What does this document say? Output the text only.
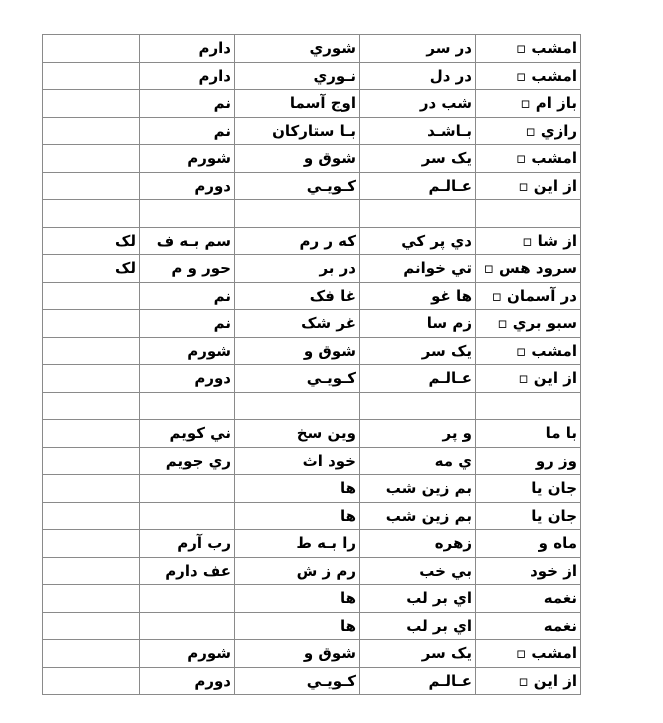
	دارم	شوري	در سر	امشب ▫
	دارم	نـوري	در دل	امشب ▫
	نم	اوج آسما	شب در	باز ام ▫
	نم	بـا ستارکان	بـاشـد	رازي ▫
	شورم	شوق و	يک سر	امشب ▫
	دورم	کـويـي	عـالـم	از اين ▫

لک	سم بـه ف	که ر رم	دي پر کي	از شا ▫
لک	حور و م	در بر	تي خوانم	سرود هس ▫
	نم	غا فک	ها غو	در آسمان ▫
	نم	غر شک	زم سا	سبو بري ▫
	شورم	شوق و	يک سر	امشب ▫
	دورم	کـويـي	عـالـم	از اين ▫

	ني کويم	وين سخ	و پر	با ما
	ري جويم	خود اث	ي مه	وز رو
		ها	بم زين شب	جان يا
		ها	بم زين شب	جان يا
	رب آرم	را بـه ط	زهره	ماه و
	عف دارم	رم ز ش	بي خب	از خود
		ها	اي بر لب	نغمه
		ها	اي بر لب	نغمه
	شورم	شوق و	يک سر	امشب ▫
	دورم	کـويـي	عـالـم	از اين ▫
